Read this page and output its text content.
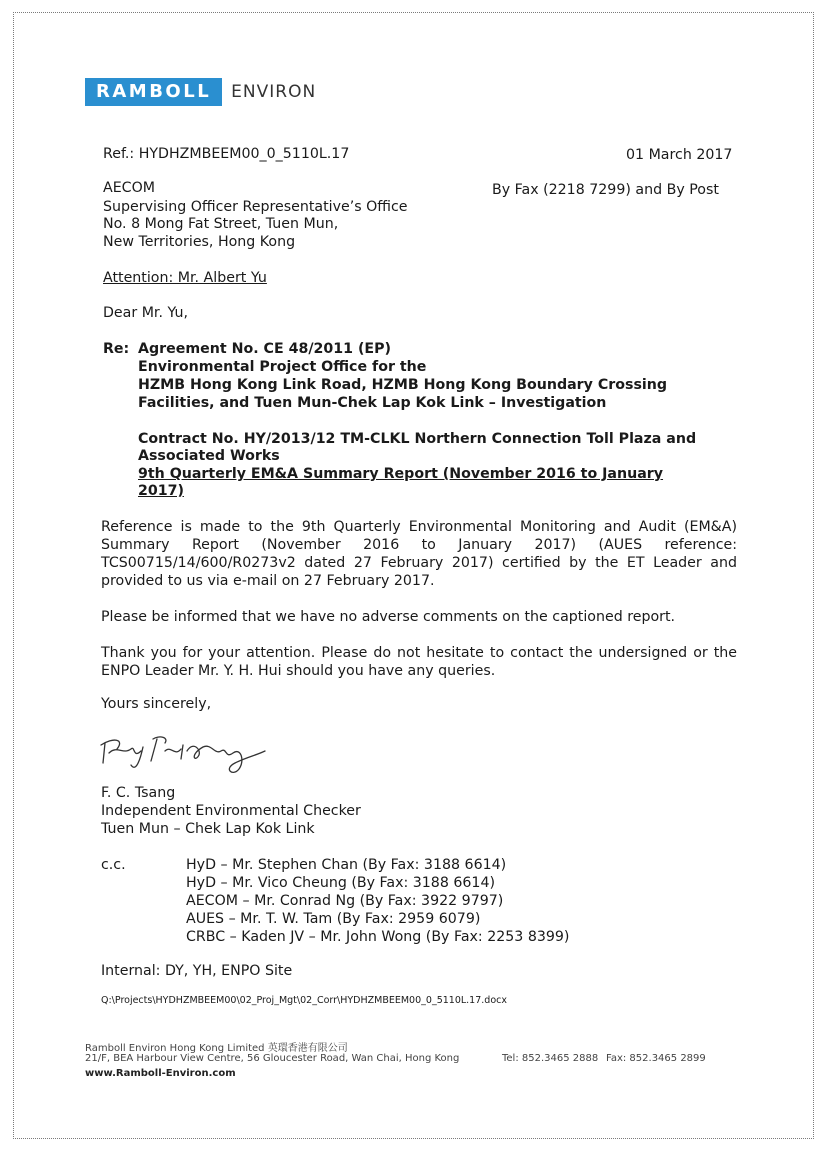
RAMBOLL	ENVIRON
Ref.: HYDHZMBEEM00_0_5110L.17	01 March 2017
By Fax (2218 7299) and By Post
AECOM
Supervising Officer Representative’s Office
No. 8 Mong Fat Street, Tuen Mun,
New Territories, Hong Kong
Attention: Mr. Albert Yu
Dear Mr. Yu,
Re: Agreement No. CE 48/2011 (EP)
Environmental Project Office for the
HZMB Hong Kong Link Road, HZMB Hong Kong Boundary Crossing
Facilities, and Tuen Mun-Chek Lap Kok Link – Investigation
Contract No. HY/2013/12 TM-CLKL Northern Connection Toll Plaza and
Associated Works
9th Quarterly EM&A Summary Report (November 2016 to January
2017)
Reference is made to the 9th Quarterly Environmental Monitoring and Audit (EM&A) Summary Report (November 2016 to January 2017) (AUES reference: TCS00715/14/600/R0273v2 dated 27 February 2017) certified by the ET Leader and provided to us via e-mail on 27 February 2017.
Please be informed that we have no adverse comments on the captioned report.
Thank you for your attention. Please do not hesitate to contact the undersigned or the ENPO Leader Mr. Y. H. Hui should you have any queries.
Yours sincerely,
F. C. Tsang
Independent Environmental Checker
Tuen Mun – Chek Lap Kok Link
c.c.	HyD – Mr. Stephen Chan (By Fax: 3188 6614)
HyD – Mr. Vico Cheung (By Fax: 3188 6614)
AECOM – Mr. Conrad Ng (By Fax: 3922 9797)
AUES – Mr. T. W. Tam (By Fax: 2959 6079)
CRBC – Kaden JV – Mr. John Wong (By Fax: 2253 8399)
Internal: DY, YH, ENPO Site
Q:\Projects\HYDHZMBEEM00\02_Proj_Mgt\02_Corr\HYDHZMBEEM00_0_5110L.17.docx
Ramboll Environ Hong Kong Limited 英環香港有限公司
21/F, BEA Harbour View Centre, 56 Gloucester Road, Wan Chai, Hong Kong	Tel: 852.3465 2888 Fax: 852.3465 2899
www.Ramboll-Environ.com
